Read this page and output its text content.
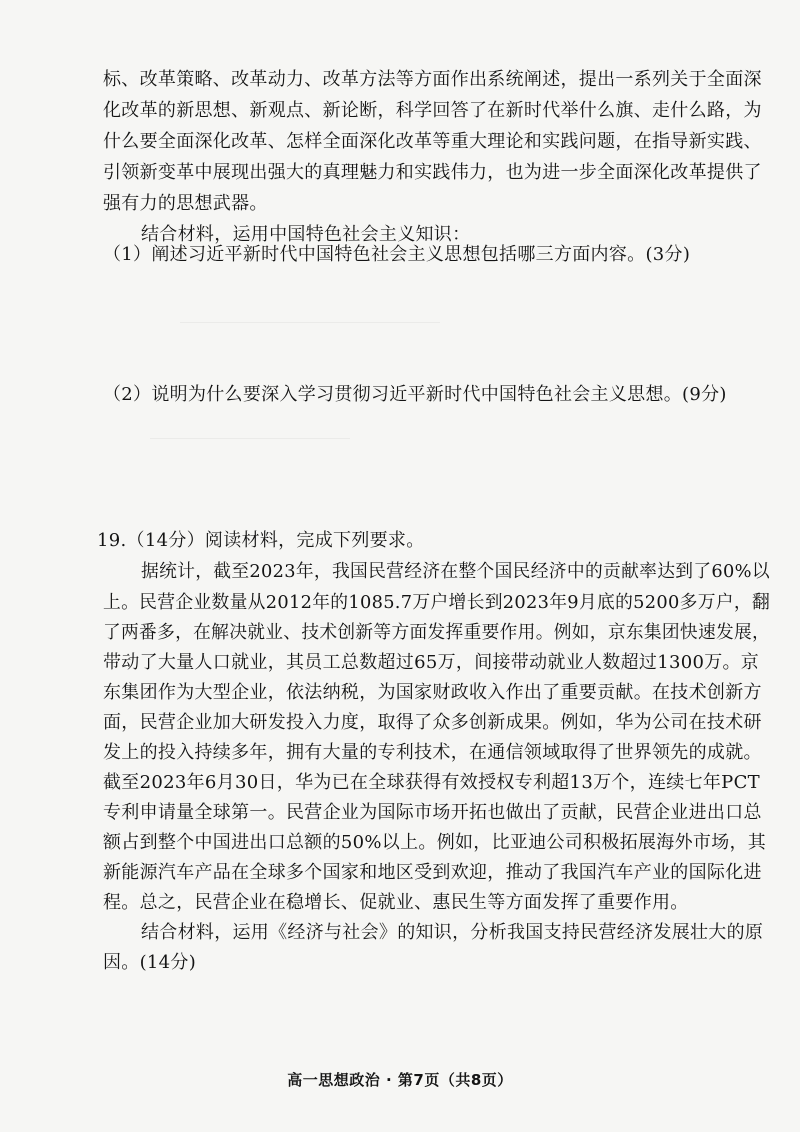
标、改革策略、改革动力、改革方法等方面作出系统阐述，提出一系列关于全面深
化改革的新思想、新观点、新论断，科学回答了在新时代举什么旗、走什么路，为
什么要全面深化改革、怎样全面深化改革等重大理论和实践问题，在指导新实践、
引领新变革中展现出强大的真理魅力和实践伟力，也为进一步全面深化改革提供了
强有力的思想武器。
结合材料，运用中国特色社会主义知识：
（1）阐述习近平新时代中国特色社会主义思想包括哪三方面内容。(3分)
（2）说明为什么要深入学习贯彻习近平新时代中国特色社会主义思想。(9分)
19.（14分）阅读材料，完成下列要求。
据统计，截至2023年，我国民营经济在整个国民经济中的贡献率达到了60%以
上。民营企业数量从2012年的1085.7万户增长到2023年9月底的5200多万户，翻
了两番多，在解决就业、技术创新等方面发挥重要作用。例如，京东集团快速发展，
带动了大量人口就业，其员工总数超过65万，间接带动就业人数超过1300万。京
东集团作为大型企业，依法纳税，为国家财政收入作出了重要贡献。在技术创新方
面，民营企业加大研发投入力度，取得了众多创新成果。例如，华为公司在技术研
发上的投入持续多年，拥有大量的专利技术，在通信领域取得了世界领先的成就。
截至2023年6月30日，华为已在全球获得有效授权专利超13万个，连续七年PCT
专利申请量全球第一。民营企业为国际市场开拓也做出了贡献，民营企业进出口总
额占到整个中国进出口总额的50%以上。例如，比亚迪公司积极拓展海外市场，其
新能源汽车产品在全球多个国家和地区受到欢迎，推动了我国汽车产业的国际化进
程。总之，民营企业在稳增长、促就业、惠民生等方面发挥了重要作用。
结合材料，运用《经济与社会》的知识，分析我国支持民营经济发展壮大的原
因。(14分)
高一思想政治 · 第7页（共8页）
